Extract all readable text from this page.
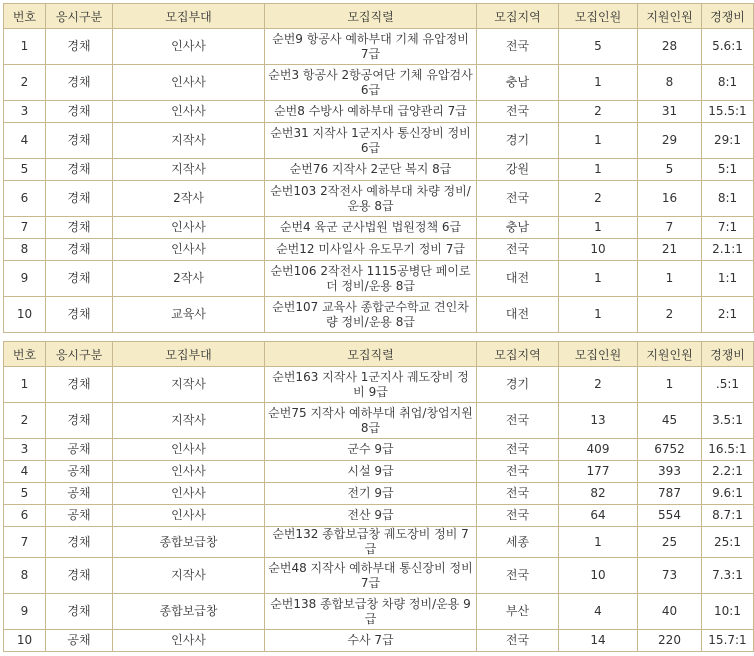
번호	응시구분	모집부대	모집직렬	모집지역	모집인원	지원인원	경쟁비
1	경채	인사사	순번9 항공사 예하부대 기체 유압정비 7급	전국	5	28	5.6:1
2	경채	인사사	순번3 항공사 2항공여단 기체 유압검사 6급	충남	1	8	8:1
3	경채	인사사	순번8 수방사 예하부대 급양관리 7급	전국	2	31	15.5:1
4	경채	지작사	순번31 지작사 1군지사 통신장비 정비 6급	경기	1	29	29:1
5	경채	지작사	순번76 지작사 2군단 복지 8급	강원	1	5	5:1
6	경채	2작사	순번103 2작전사 예하부대 차량 정비/운용 8급	전국	2	16	8:1
7	경채	인사사	순번4 육군 군사법원 법원정책 6급	충남	1	7	7:1
8	경채	인사사	순번12 미사일사 유도무기 정비 7급	전국	10	21	2.1:1
9	경채	2작사	순번106 2작전사 1115공병단 페이로더 정비/운용 8급	대전	1	1	1:1
10	경채	교육사	순번107 교육사 종합군수학교 견인차량 정비/운용 8급	대전	1	2	2:1
번호	응시구분	모집부대	모집직렬	모집지역	모집인원	지원인원	경쟁비
1	경채	지작사	순번163 지작사 1군지사 궤도장비 정비 9급	경기	2	1	.5:1
2	경채	지작사	순번75 지작사 예하부대 취업/창업지원 8급	전국	13	45	3.5:1
3	공채	인사사	군수 9급	전국	409	6752	16.5:1
4	공채	인사사	시설 9급	전국	177	393	2.2:1
5	공채	인사사	전기 9급	전국	82	787	9.6:1
6	공채	인사사	전산 9급	전국	64	554	8.7:1
7	경채	종합보급창	순번132 종합보급창 궤도장비 정비 7급	세종	1	25	25:1
8	경채	지작사	순번48 지작사 예하부대 통신장비 정비 7급	전국	10	73	7.3:1
9	경채	종합보급창	순번138 종합보급창 차량 정비/운용 9급	부산	4	40	10:1
10	공채	인사사	수사 7급	전국	14	220	15.7:1
